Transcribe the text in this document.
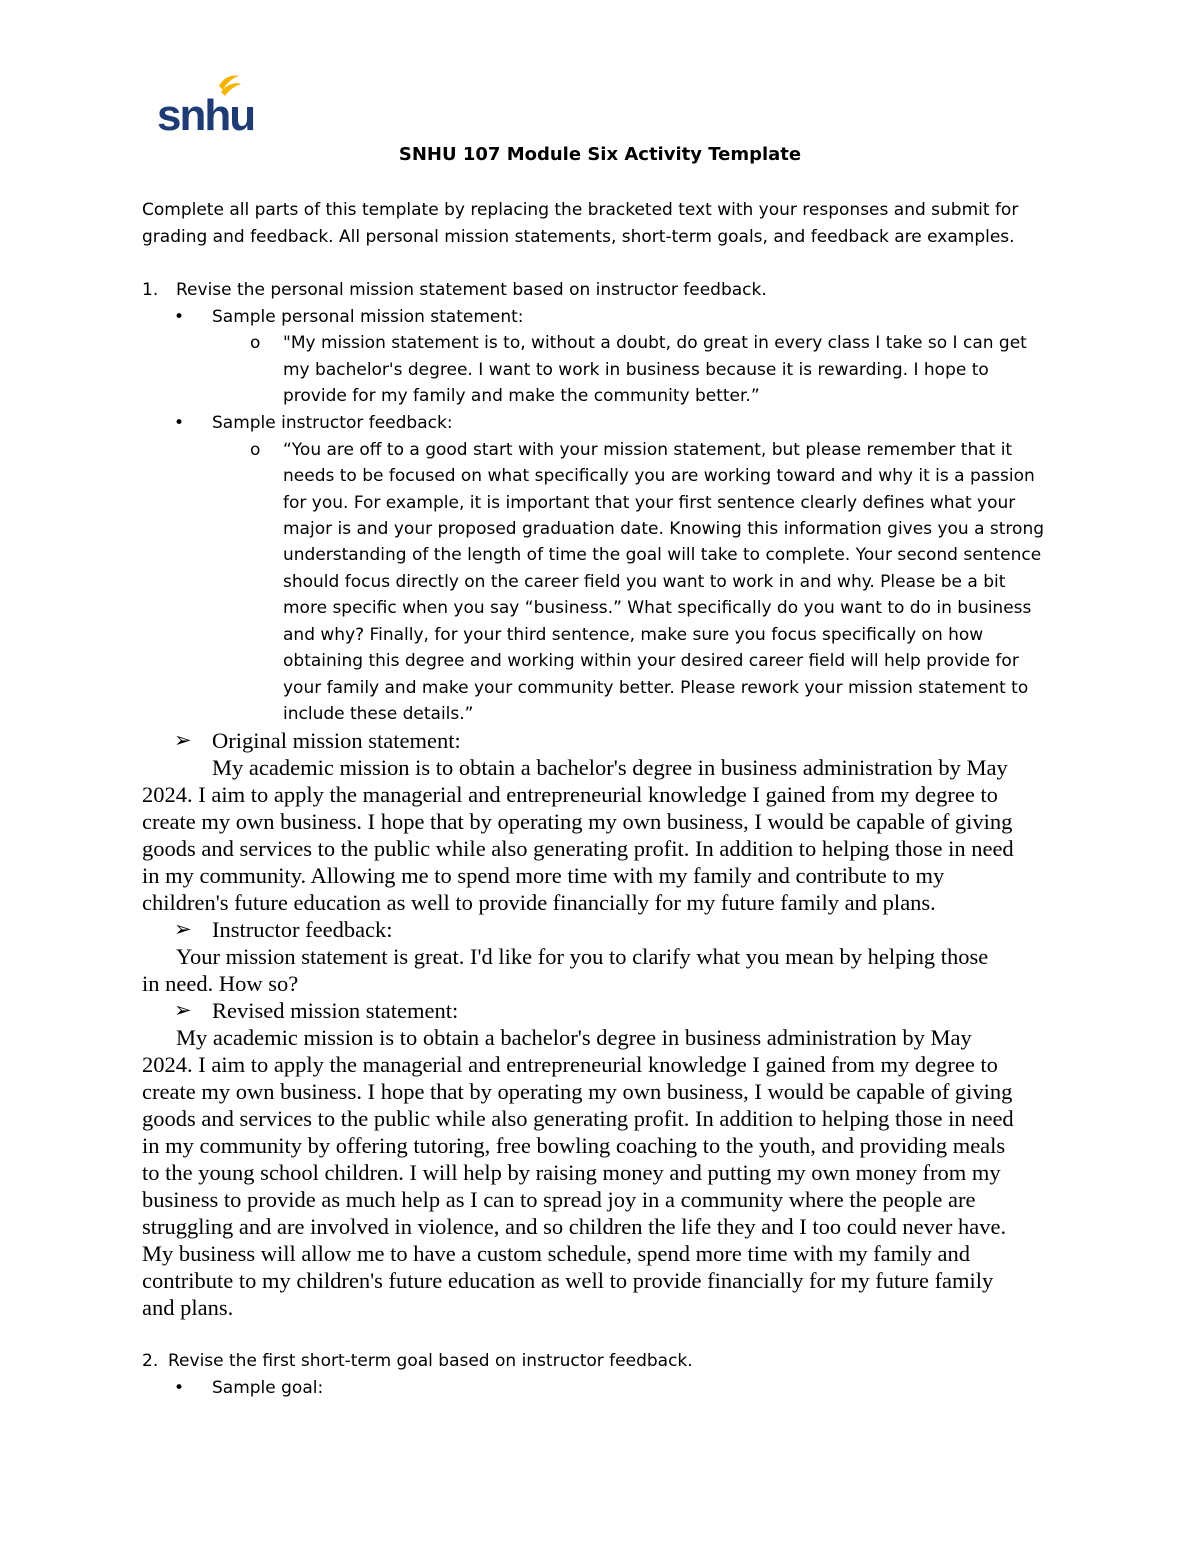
snhu
SNHU 107 Module Six Activity Template
Complete all parts of this template by replacing the bracketed text with your responses and submit for
grading and feedback. All personal mission statements, short-term goals, and feedback are examples.
1. Revise the personal mission statement based on instructor feedback.
• Sample personal mission statement:
o "My mission statement is to, without a doubt, do great in every class I take so I can get
my bachelor's degree. I want to work in business because it is rewarding. I hope to
provide for my family and make the community better.”
• Sample instructor feedback:
o “You are off to a good start with your mission statement, but please remember that it
needs to be focused on what specifically you are working toward and why it is a passion
for you. For example, it is important that your first sentence clearly defines what your
major is and your proposed graduation date. Knowing this information gives you a strong
understanding of the length of time the goal will take to complete. Your second sentence
should focus directly on the career field you want to work in and why. Please be a bit
more specific when you say “business.” What specifically do you want to do in business
and why? Finally, for your third sentence, make sure you focus specifically on how
obtaining this degree and working within your desired career field will help provide for
your family and make your community better. Please rework your mission statement to
include these details.”
➢ Original mission statement:
My academic mission is to obtain a bachelor's degree in business administration by May
2024. I aim to apply the managerial and entrepreneurial knowledge I gained from my degree to
create my own business. I hope that by operating my own business, I would be capable of giving
goods and services to the public while also generating profit. In addition to helping those in need
in my community. Allowing me to spend more time with my family and contribute to my
children's future education as well to provide financially for my future family and plans.
➢ Instructor feedback:
Your mission statement is great. I'd like for you to clarify what you mean by helping those
in need. How so?
➢ Revised mission statement:
My academic mission is to obtain a bachelor's degree in business administration by May
2024. I aim to apply the managerial and entrepreneurial knowledge I gained from my degree to
create my own business. I hope that by operating my own business, I would be capable of giving
goods and services to the public while also generating profit. In addition to helping those in need
in my community by offering tutoring, free bowling coaching to the youth, and providing meals
to the young school children. I will help by raising money and putting my own money from my
business to provide as much help as I can to spread joy in a community where the people are
struggling and are involved in violence, and so children the life they and I too could never have.
My business will allow me to have a custom schedule, spend more time with my family and
contribute to my children's future education as well to provide financially for my future family
and plans.
2. Revise the first short-term goal based on instructor feedback.
• Sample goal:
